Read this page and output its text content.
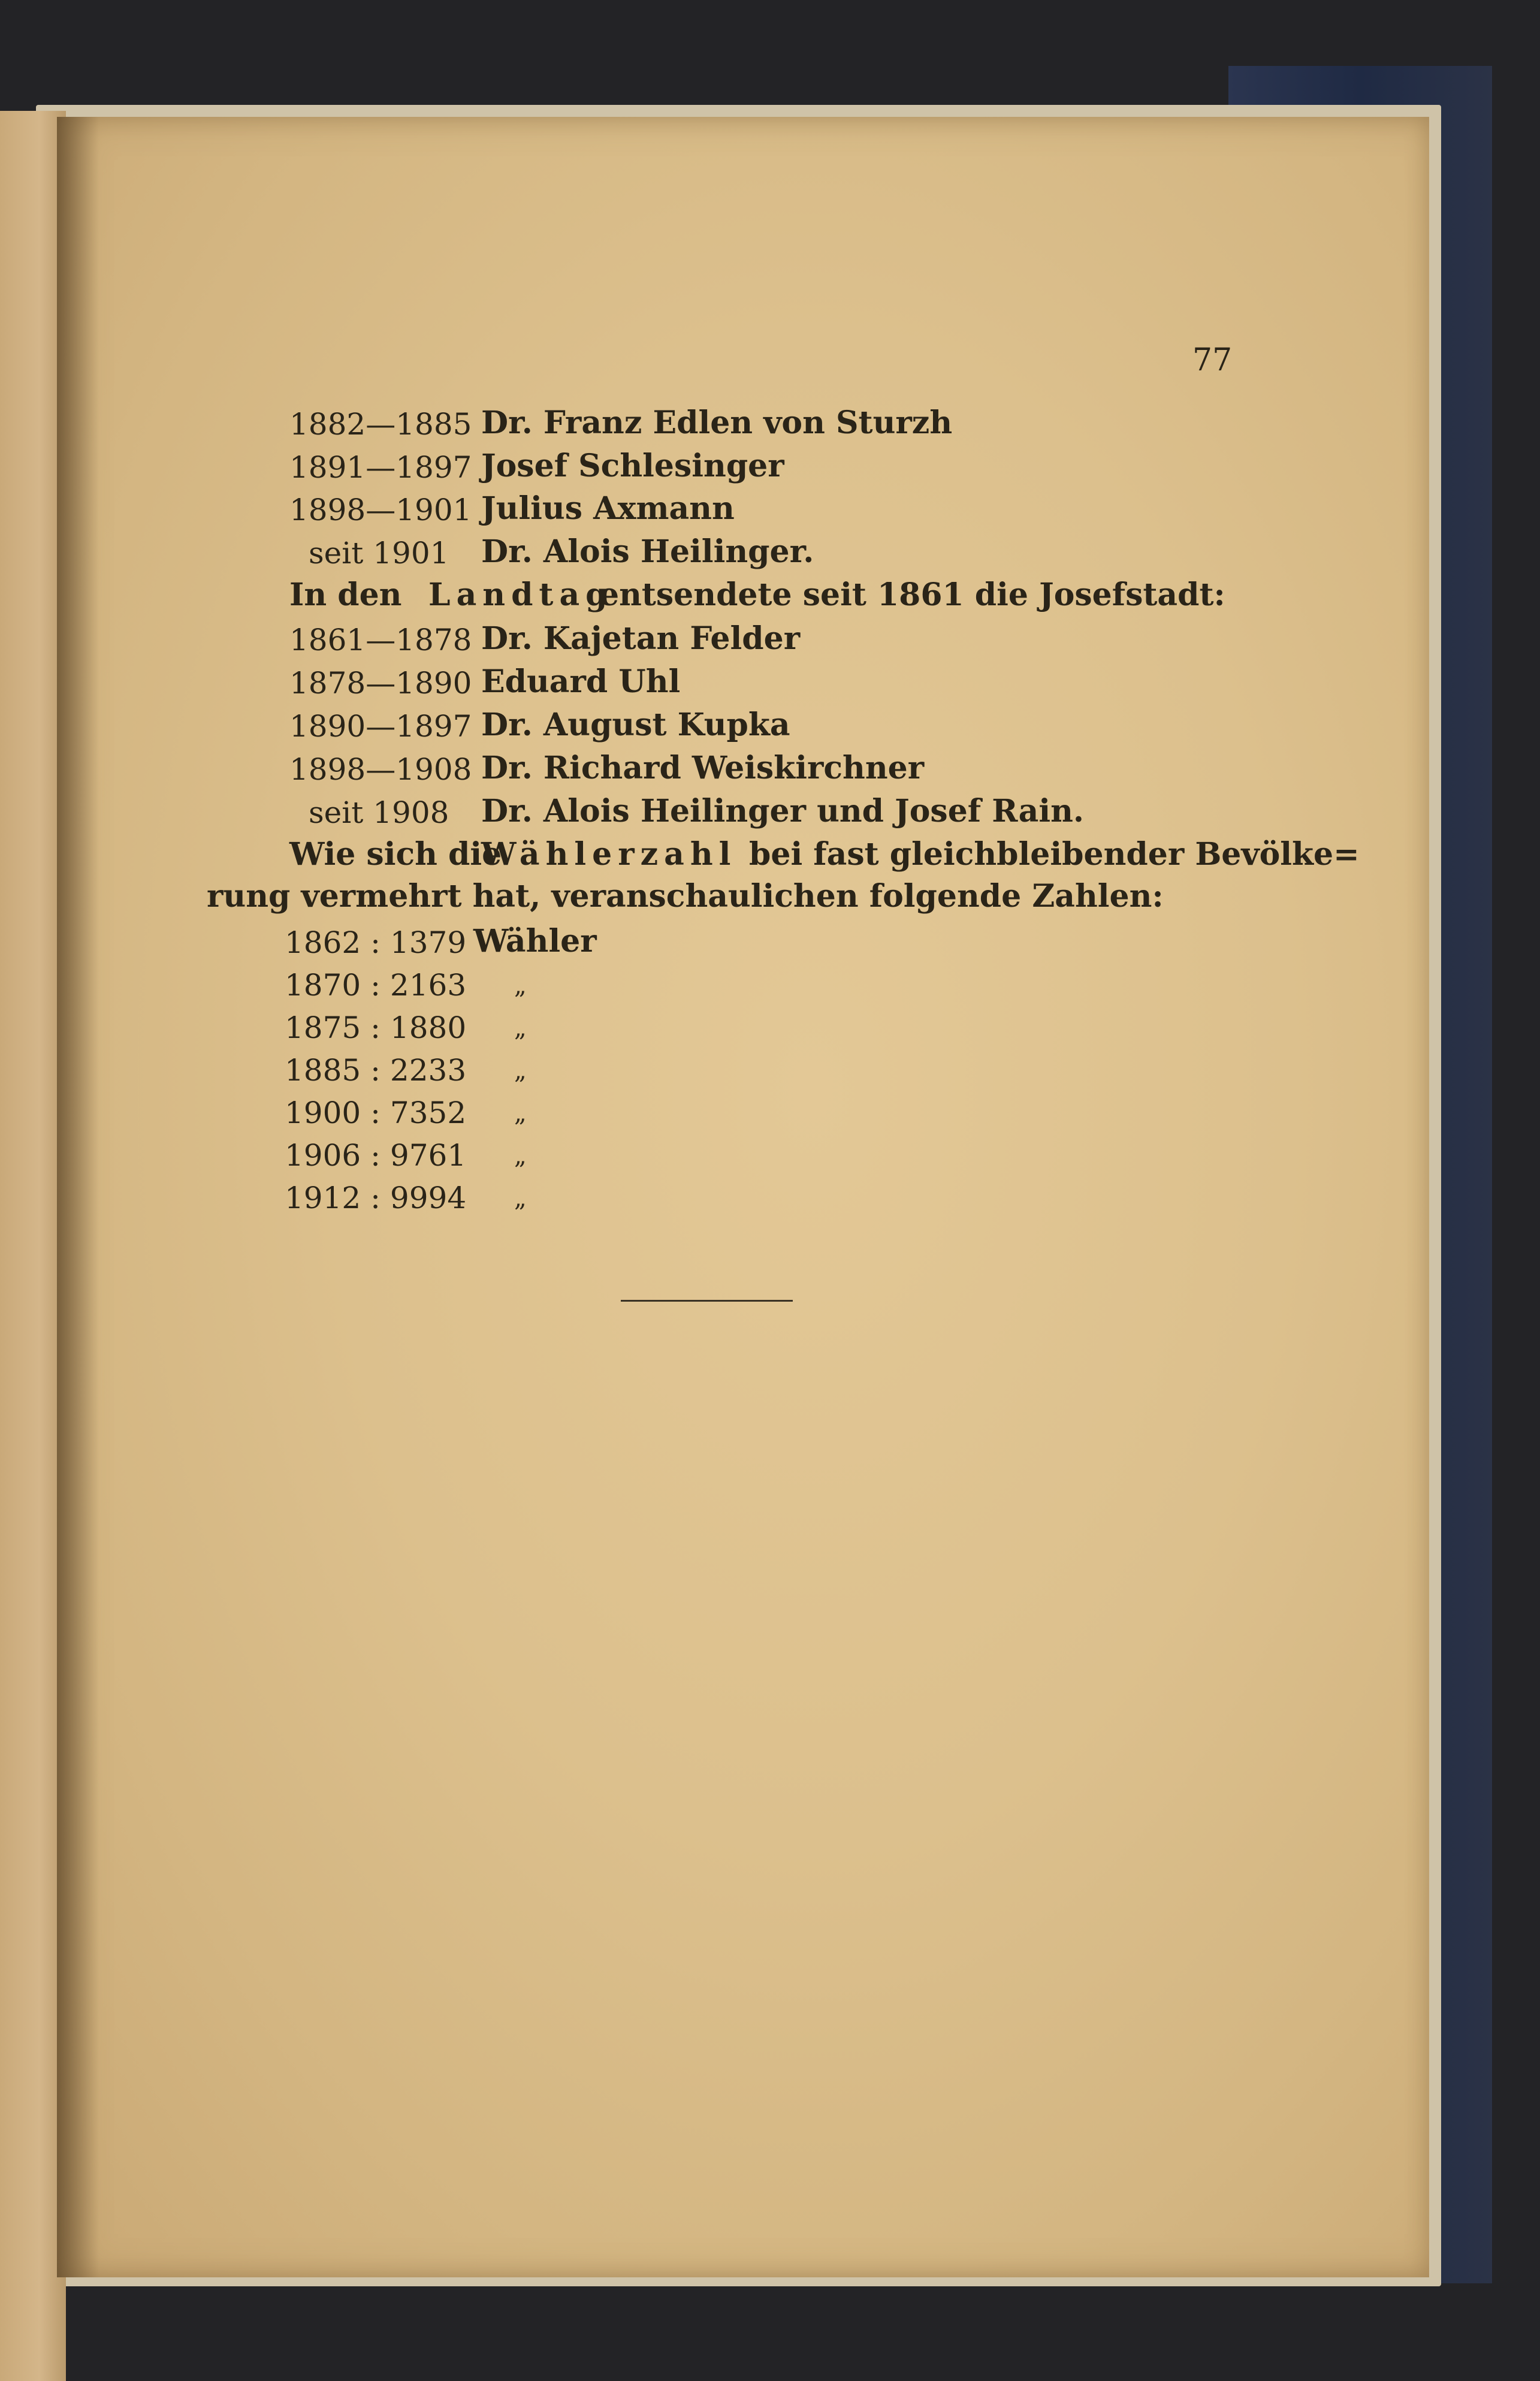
77
1882—1885 Dr. Franz Edlen von Sturzh
1891—1897 Josef Schlesinger
1898—1901 Julius Axmann
seit 1901 Dr. Alois Heilinger.
In den Landtag
entsendete seit 1861 die Josefstadt:
1861—1878 Dr. Kajetan Felder
1878—1890 Eduard Uhl
1890—1897 Dr. August Kupka
1898—1908 Dr. Richard Weiskirchner
seit 1908 Dr. Alois Heilinger und Josef Rain.
Wie sich die
Wählerzahl bei fast gleichbleibender Bevölke=
rung vermehrt hat, veranschaulichen folgende Zahlen:
1862 : 1379 Wähler
1870 : 2163 „
1875 : 1880 „
1885 : 2233 „
1900 : 7352 „
1906 : 9761 „
1912 : 9994 „
